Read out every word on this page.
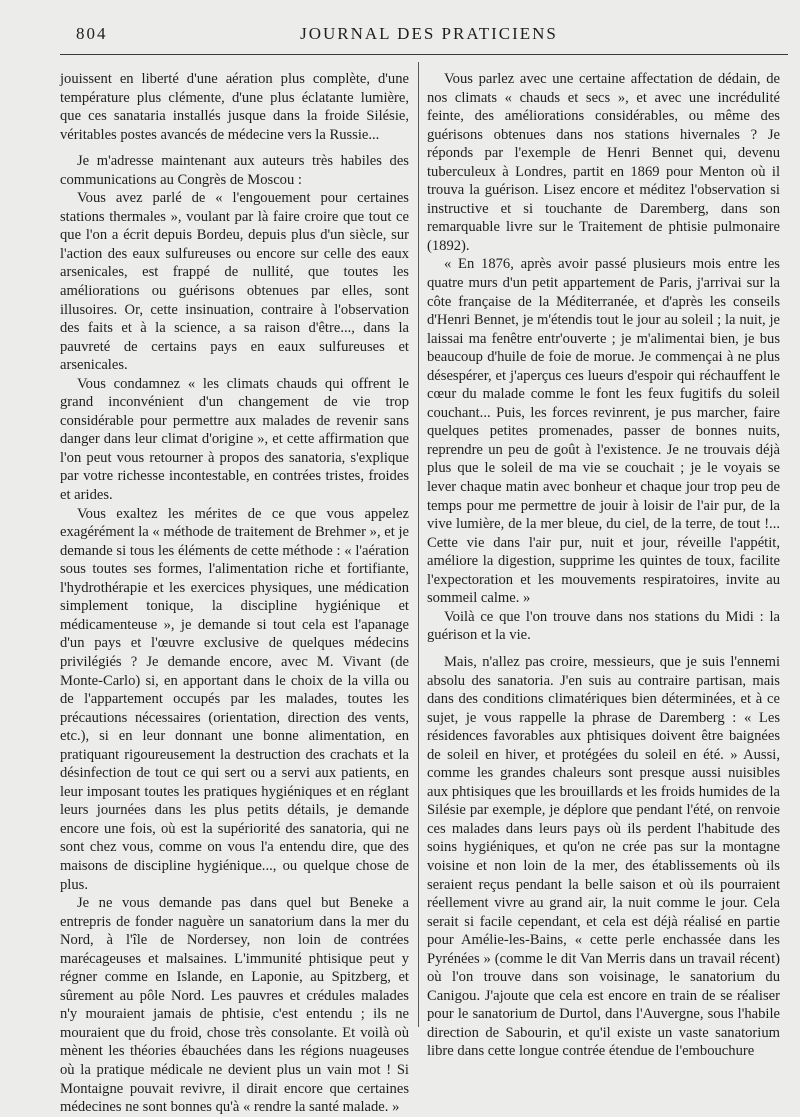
804	JOURNAL DES PRATICIENS

jouissent en liberté d'une aération plus complète, d'une température plus clémente, d'une plus éclatante lumière, que ces sanataria installés jusque dans la froide Silésie, véritables postes avancés de médecine vers la Russie...

Je m'adresse maintenant aux auteurs très habiles des communications au Congrès de Moscou :

Vous avez parlé de « l'engouement pour certaines stations thermales », voulant par là faire croire que tout ce que l'on a écrit depuis Bordeu, depuis plus d'un siècle, sur l'action des eaux sulfureuses ou encore sur celle des eaux arsenicales, est frappé de nullité, que toutes les améliorations ou guérisons obtenues par elles, sont illusoires. Or, cette insinuation, contraire à l'observation des faits et à la science, a sa raison d'être..., dans la pauvreté de certains pays en eaux sulfureuses et arsenicales.

Vous condamnez « les climats chauds qui offrent le grand inconvénient d'un changement de vie trop considérable pour permettre aux malades de revenir sans danger dans leur climat d'origine », et cette affirmation que l'on peut vous retourner à propos des sanatoria, s'explique par votre richesse incontestable, en contrées tristes, froides et arides.

Vous exaltez les mérites de ce que vous appelez exagérément la « méthode de traitement de Brehmer », et je demande si tous les éléments de cette méthode : « l'aération sous toutes ses formes, l'alimentation riche et fortifiante, l'hydrothérapie et les exercices physiques, une médication simplement tonique, la discipline hygiénique et médicamenteuse », je demande si tout cela est l'apanage d'un pays et l'œuvre exclusive de quelques médecins privilégiés ? Je demande encore, avec M. Vivant (de Monte-Carlo) si, en apportant dans le choix de la villa ou de l'appartement occupés par les malades, toutes les précautions nécessaires (orientation, direction des vents, etc.), si en leur donnant une bonne alimentation, en pratiquant rigoureusement la destruction des crachats et la désinfection de tout ce qui sert ou a servi aux patients, en leur imposant toutes les pratiques hygiéniques et en réglant leurs journées dans les plus petits détails, je demande encore une fois, où est la supériorité des sanatoria, qui ne sont chez vous, comme on vous l'a entendu dire, que des maisons de discipline hygiénique..., ou quelque chose de plus.

Je ne vous demande pas dans quel but Beneke a entrepris de fonder naguère un sanatorium dans la mer du Nord, à l'île de Nordersey, non loin de contrées marécageuses et malsaines. L'immunité phtisique peut y régner comme en Islande, en Laponie, au Spitzberg, et sûrement au pôle Nord. Les pauvres et crédules malades n'y mouraient jamais de phtisie, c'est entendu ; ils ne mouraient que du froid, chose très consolante. Et voilà où mènent les théories ébauchées dans les régions nuageuses où la pratique médicale ne devient plus un vain mot ! Si Montaigne pouvait revivre, il dirait encore que certaines médecines ne sont bonnes qu'à « rendre la santé malade. »

Vous parlez avec une certaine affectation de dédain, de nos climats « chauds et secs », et avec une incrédulité feinte, des améliorations considérables, ou même des guérisons obtenues dans nos stations hivernales ? Je réponds par l'exemple de Henri Bennet qui, devenu tuberculeux à Londres, partit en 1869 pour Menton où il trouva la guérison. Lisez encore et méditez l'observation si instructive et si touchante de Daremberg, dans son remarquable livre sur le Traitement de phtisie pulmonaire (1892).

« En 1876, après avoir passé plusieurs mois entre les quatre murs d'un petit appartement de Paris, j'arrivai sur la côte française de la Méditerranée, et d'après les conseils d'Henri Bennet, je m'étendis tout le jour au soleil ; la nuit, je laissai ma fenêtre entr'ouverte ; je m'alimentai bien, je bus beaucoup d'huile de foie de morue. Je commençai à ne plus désespérer, et j'aperçus ces lueurs d'espoir qui réchauffent le cœur du malade comme le font les feux fugitifs du soleil couchant... Puis, les forces revinrent, je pus marcher, faire quelques petites promenades, passer de bonnes nuits, reprendre un peu de goût à l'existence. Je ne trouvais déjà plus que le soleil de ma vie se couchait ; je le voyais se lever chaque matin avec bonheur et chaque jour trop peu de temps pour me permettre de jouir à loisir de l'air pur, de la vive lumière, de la mer bleue, du ciel, de la terre, de tout !... Cette vie dans l'air pur, nuit et jour, réveille l'appétit, améliore la digestion, supprime les quintes de toux, facilite l'expectoration et les mouvements respiratoires, invite au sommeil calme. »

Voilà ce que l'on trouve dans nos stations du Midi : la guérison et la vie.

Mais, n'allez pas croire, messieurs, que je suis l'ennemi absolu des sanatoria. J'en suis au contraire partisan, mais dans des conditions climatériques bien déterminées, et à ce sujet, je vous rappelle la phrase de Daremberg : « Les résidences favorables aux phtisiques doivent être baignées de soleil en hiver, et protégées du soleil en été. » Aussi, comme les grandes chaleurs sont presque aussi nuisibles aux phtisiques que les brouillards et les froids humides de la Silésie par exemple, je déplore que pendant l'été, on renvoie ces malades dans leurs pays où ils perdent l'habitude des soins hygiéniques, et qu'on ne crée pas sur la montagne voisine et non loin de la mer, des établissements où ils seraient reçus pendant la belle saison et où ils pourraient réellement vivre au grand air, la nuit comme le jour. Cela serait si facile cependant, et cela est déjà réalisé en partie pour Amélie-les-Bains, « cette perle enchassée dans les Pyrénées » (comme le dit Van Merris dans un travail récent) où l'on trouve dans son voisinage, le sanatorium du Canigou. J'ajoute que cela est encore en train de se réaliser pour le sanatorium de Durtol, dans l'Auvergne, sous l'habile direction de Sabourin, et qu'il existe un vaste sanatorium libre dans cette longue contrée étendue de l'embouchure
